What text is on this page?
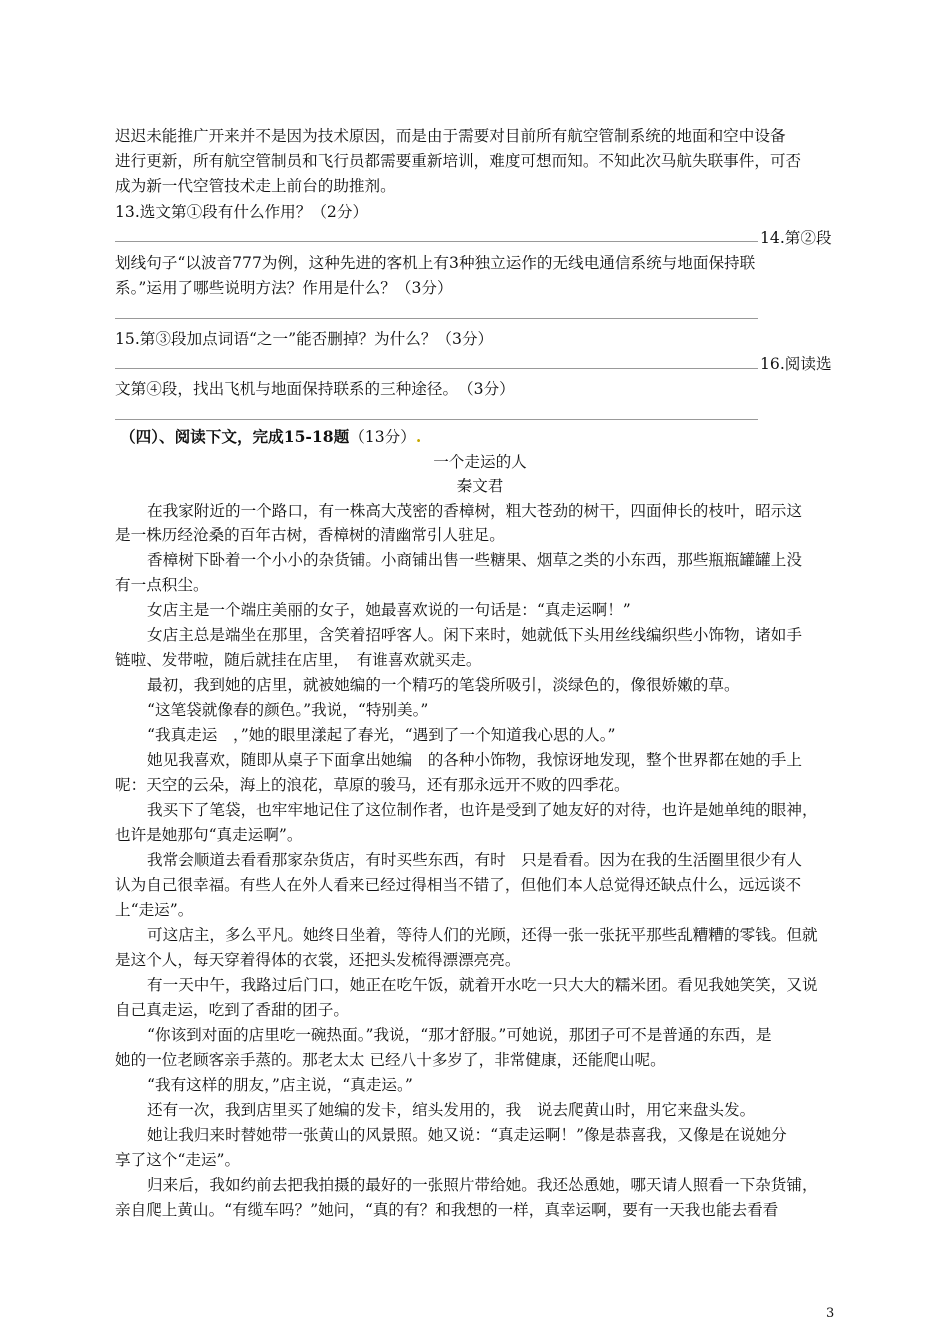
迟迟未能推广开来并不是因为技术原因，而是由于需要对目前所有航空管制系统的地面和空中设备
进行更新，所有航空管制员和飞行员都需要重新培训，难度可想而知。不知此次马航失联事件，可否
成为新一代空管技术走上前台的助推剂。
13.选文第①段有什么作用？（2分）
14.第②段
划线句子“以波音777为例，这种先进的客机上有3种独立运作的无线电通信系统与地面保持联
系。”运用了哪些说明方法？作用是什么？（3分）
15.第③段加点词语“之一”能否删掉？为什么？（3分）
16.阅读选
文第④段，找出飞机与地面保持联系的三种途径。　（3分）
（四）、阅读下文，完成15-18题（13分）.
一个走运的人
秦文君
在我家附近的一个路口，有一株高大茂密的香樟树，粗大苍劲的树干，四面伸长的枝叶，昭示这
是一株历经沧桑的百年古树，香樟树的清幽常引人驻足。
香樟树下卧着一个小小的杂货铺。小商铺出售一些糖果、烟草之类的小东西，那些瓶瓶罐罐上没
有一点积尘。
女店主是一个端庄美丽的女子，她最喜欢说的一句话是：“真走运啊！”
女店主总是端坐在那里，含笑着招呼客人。闲下来时，她就低下头用丝线编织些小饰物，诸如手
链啦、发带啦，随后就挂在店里，　有谁喜欢就买走。
最初，我到她的店里，就被她编的一个精巧的笔袋所吸引，淡绿色的，像很娇嫩的草。
“这笔袋就像春的颜色。”我说，“特别美。”
“我真走运　，”她的眼里漾起了春光，“遇到了一个知道我心思的人。”
她见我喜欢，随即从桌子下面拿出她编　的各种小饰物，我惊讶地发现，整个世界都在她的手上
呢：天空的云朵，海上的浪花，草原的骏马，还有那永远开不败的四季花。
我买下了笔袋，也牢牢地记住了这位制作者，也许是受到了她友好的对待，也许是她单纯的眼神，
也许是她那句“真走运啊”。
我常会顺道去看看那家杂货店，有时买些东西，有时　只是看看。因为在我的生活圈里很少有人
认为自己很幸福。有些人在外人看来已经过得相当不错了，但他们本人总觉得还缺点什么，远远谈不
上“走运”。
可这店主，多么平凡。她终日坐着，等待人们的光顾，还得一张一张抚平那些乱糟糟的零钱。但就
是这个人，每天穿着得体的衣裳，还把头发梳得漂漂亮亮。
有一天中午，我路过后门口，她正在吃午饭，就着开水吃一只大大的糯米团。看见我她笑笑，又说
自己真走运，吃到了香甜的团子。
“你该到对面的店里吃一碗热面。”我说，“那才舒服。”可她说，那团子可不是普通的东西，是
她的一位老顾客亲手蒸的。那老太太 已经八十多岁了，非常健康，还能爬山呢。
“我有这样的朋友，”店主说，“真走运。”
还有一次，我到店里买了她编的发卡，绾头发用的，我　说去爬黄山时，用它来盘头发。
她让我归来时替她带一张黄山的风景照。她又说：“真走运啊！”像是恭喜我，又像是在说她分
享了这个“走运”。
归来后，我如约前去把我拍摄的最好的一张照片带给她。我还怂恿她，哪天请人照看一下杂货铺，
亲自爬上黄山。“有缆车吗？”她问，“真的有？和我想的一样，真幸运啊，要有一天我也能去看看
3
